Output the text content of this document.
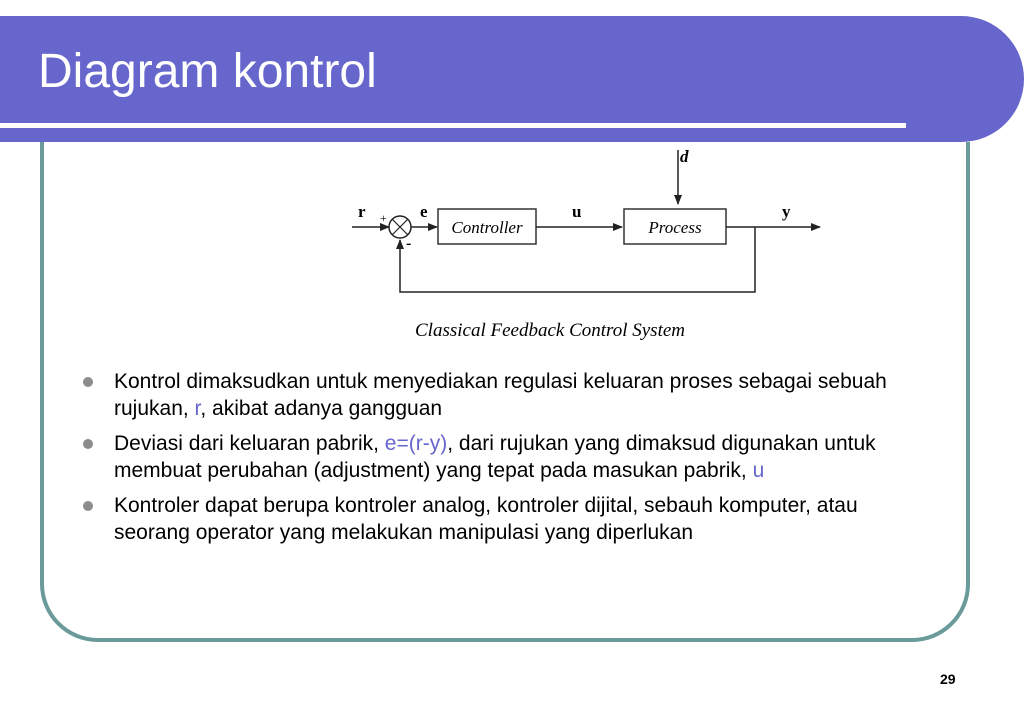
Diagram kontrol
d
r +
-
e
Controller
u
Process
y
Classical Feedback Control System
Kontrol dimaksudkan untuk menyediakan regulasi keluaran proses sebagai sebuah rujukan, r, akibat adanya gangguan
Deviasi dari keluaran pabrik, e=(r-y), dari rujukan yang dimaksud digunakan untuk membuat perubahan (adjustment) yang tepat pada masukan pabrik, u
Kontroler dapat berupa kontroler analog, kontroler dijital, sebauh komputer, atau seorang operator yang melakukan manipulasi yang diperlukan
29
